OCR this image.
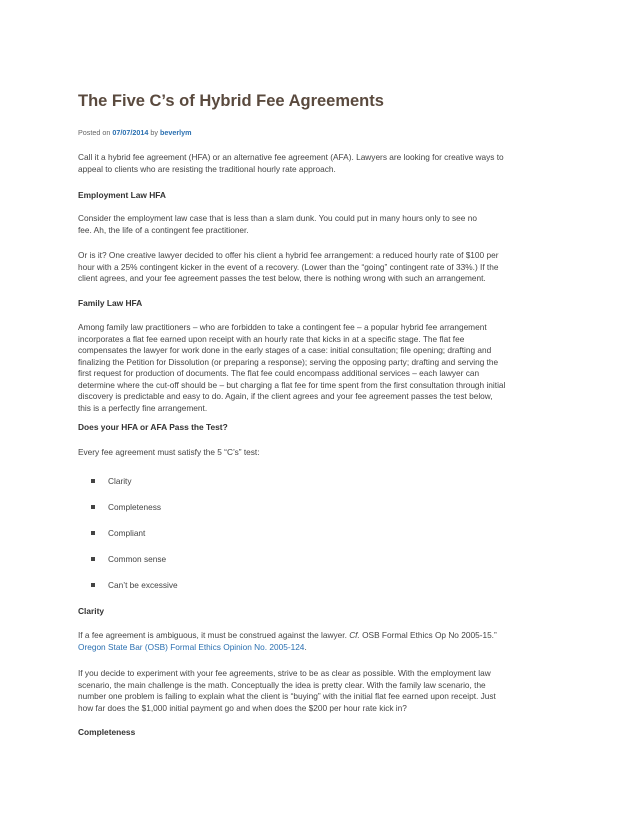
The Five C’s of Hybrid Fee Agreements
Posted on 07/07/2014 by beverlym
Call it a hybrid fee agreement (HFA) or an alternative fee agreement (AFA). Lawyers are looking for creative ways to
appeal to clients who are resisting the traditional hourly rate approach.
Employment Law HFA
Consider the employment law case that is less than a slam dunk. You could put in many hours only to see no
fee. Ah, the life of a contingent fee practitioner.
Or is it? One creative lawyer decided to offer his client a hybrid fee arrangement: a reduced hourly rate of $100 per
hour with a 25% contingent kicker in the event of a recovery. (Lower than the “going” contingent rate of 33%.) If the
client agrees, and your fee agreement passes the test below, there is nothing wrong with such an arrangement.
Family Law HFA
Among family law practitioners – who are forbidden to take a contingent fee – a popular hybrid fee arrangement
incorporates a flat fee earned upon receipt with an hourly rate that kicks in at a specific stage. The flat fee
compensates the lawyer for work done in the early stages of a case: initial consultation; file opening; drafting and
finalizing the Petition for Dissolution (or preparing a response); serving the opposing party; drafting and serving the
first request for production of documents. The flat fee could encompass additional services – each lawyer can
determine where the cut-off should be – but charging a flat fee for time spent from the first consultation through initial
discovery is predictable and easy to do. Again, if the client agrees and your fee agreement passes the test below,
this is a perfectly fine arrangement.
Does your HFA or AFA Pass the Test?
Every fee agreement must satisfy the 5 “C’s” test:
Clarity
Completeness
Compliant
Common sense
Can’t be excessive
Clarity
If a fee agreement is ambiguous, it must be construed against the lawyer. Cf. OSB Formal Ethics Op No 2005-15.”
Oregon State Bar (OSB) Formal Ethics Opinion No. 2005-124.
If you decide to experiment with your fee agreements, strive to be as clear as possible. With the employment law
scenario, the main challenge is the math. Conceptually the idea is pretty clear. With the family law scenario, the
number one problem is failing to explain what the client is “buying” with the initial flat fee earned upon receipt. Just
how far does the $1,000 initial payment go and when does the $200 per hour rate kick in?
Completeness
